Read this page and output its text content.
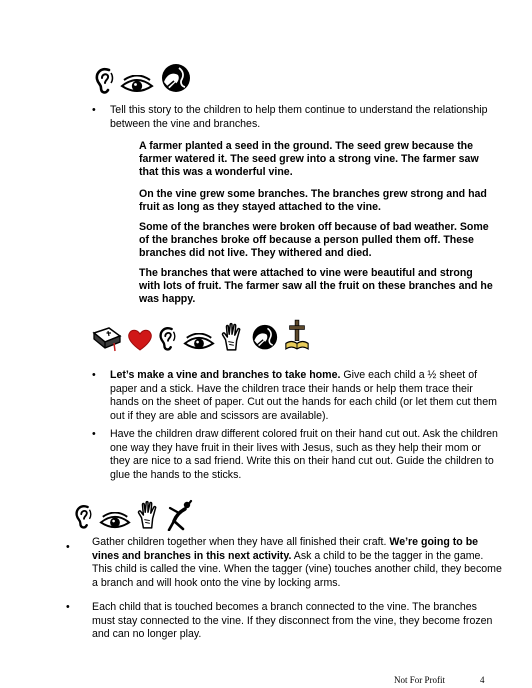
• Tell this story to the children to help them continue to understand the relationship between the vine and branches.

A farmer planted a seed in the ground. The seed grew because the farmer watered it. The seed grew into a strong vine. The farmer saw that this was a wonderful vine.

On the vine grew some branches. The branches grew strong and had fruit as long as they stayed attached to the vine.

Some of the branches were broken off because of bad weather. Some of the branches broke off because a person pulled them off. These branches did not live. They withered and died.

The branches that were attached to vine were beautiful and strong with lots of fruit. The farmer saw all the fruit on these branches and he was happy.

• Let’s make a vine and branches to take home. Give each child a ½ sheet of paper and a stick. Have the children trace their hands or help them trace their hands on the sheet of paper. Cut out the hands for each child (or let them cut them out if they are able and scissors are available).
• Have the children draw different colored fruit on their hand cut out. Ask the children one way they have fruit in their lives with Jesus, such as they help their mom or they are nice to a sad friend. Write this on their hand cut out. Guide the children to glue the hands to the sticks.
• Gather children together when they have all finished their craft. We’re going to be vines and branches in this next activity. Ask a child to be the tagger in the game. This child is called the vine. When the tagger (vine) touches another child, they become a branch and will hook onto the vine by locking arms.
• Each child that is touched becomes a branch connected to the vine. The branches must stay connected to the vine. If they disconnect from the vine, they become frozen and can no longer play.
Not For Profit	4
